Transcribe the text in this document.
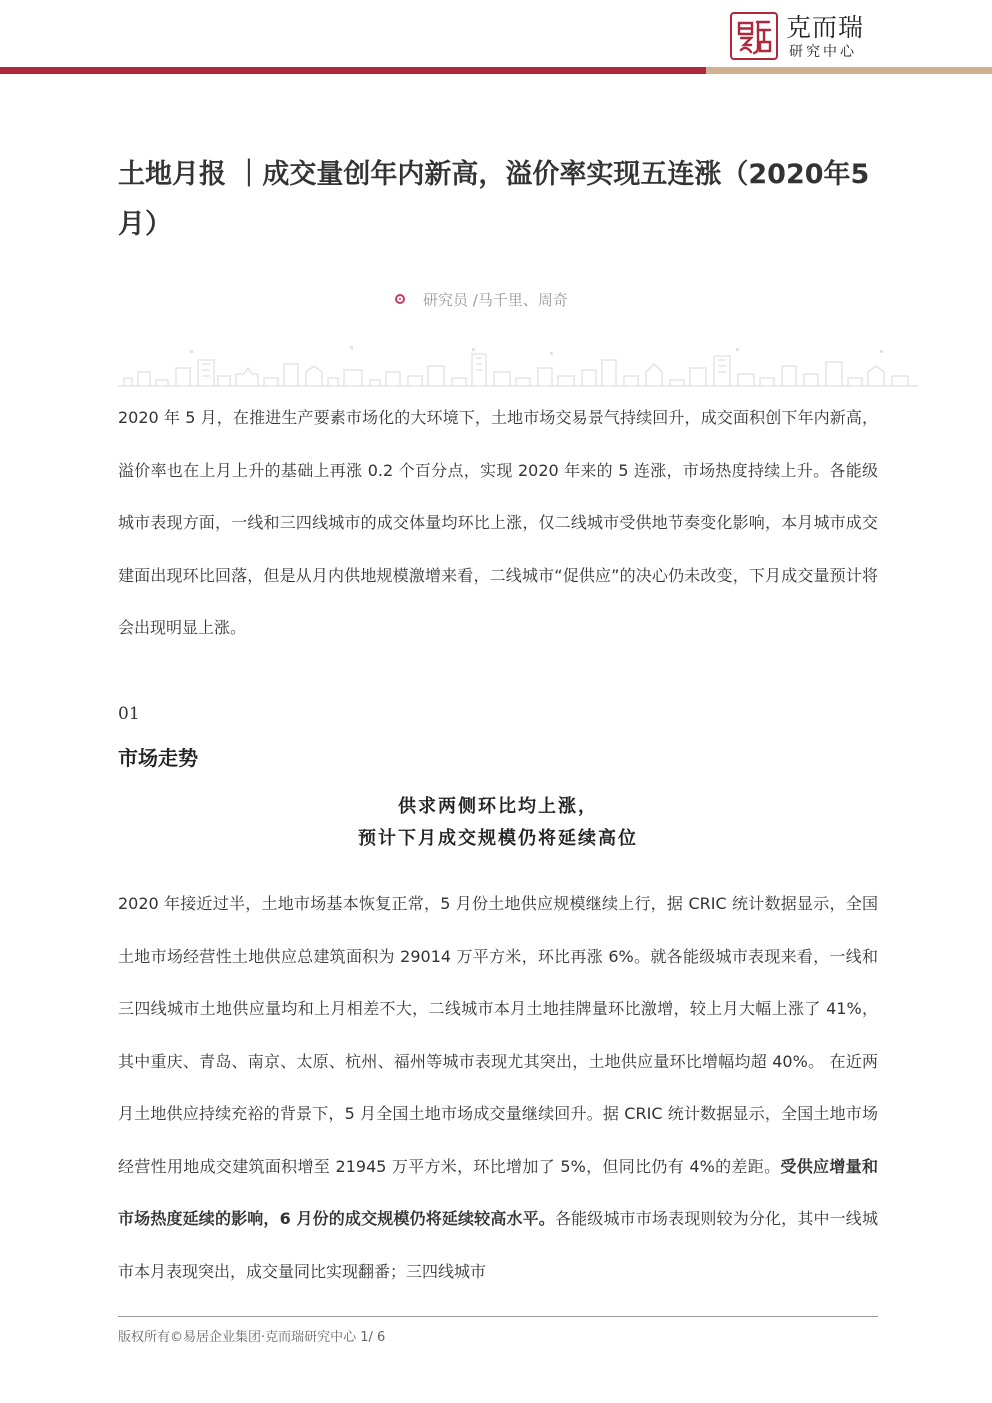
克而瑞
研究中心
土地月报 ｜成交量创年内新高，溢价率实现五连涨（2020年5月）
研究员 /马千里、周奇
2020 年 5 月，在推进生产要素市场化的大环境下，土地市场交易景气持续回升，成交面积创下年内新高，溢价率也在上月上升的基础上再涨 0.2 个百分点，实现 2020 年来的 5 连涨，市场热度持续上升。各能级城市表现方面，一线和三四线城市的成交体量均环比上涨，仅二线城市受供地节奏变化影响，本月城市成交建面出现环比回落，但是从月内供地规模激增来看，二线城市“促供应”的决心仍未改变，下月成交量预计将会出现明显上涨。
01
市场走势
供求两侧环比均上涨，
预计下月成交规模仍将延续高位
2020 年接近过半，土地市场基本恢复正常，5 月份土地供应规模继续上行，据 CRIC 统计数据显示，全国土地市场经营性土地供应总建筑面积为 29014 万平方米，环比再涨 6%。就各能级城市表现来看，一线和三四线城市土地供应量均和上月相差不大，二线城市本月土地挂牌量环比激增，较上月大幅上涨了 41%，其中重庆、青岛、南京、太原、杭州、福州等城市表现尤其突出，土地供应量环比增幅均超 40%。 在近两月土地供应持续充裕的背景下，5 月全国土地市场成交量继续回升。据 CRIC 统计数据显示，全国土地市场经营性用地成交建筑面积增至 21945 万平方米，环比增加了 5%，但同比仍有 4%的差距。受供应增量和市场热度延续的影响，6 月份的成交规模仍将延续较高水平。各能级城市市场表现则较为分化，其中一线城市本月表现突出，成交量同比实现翻番；三四线城市
版权所有©易居企业集团·克而瑞研究中心 1/ 6
